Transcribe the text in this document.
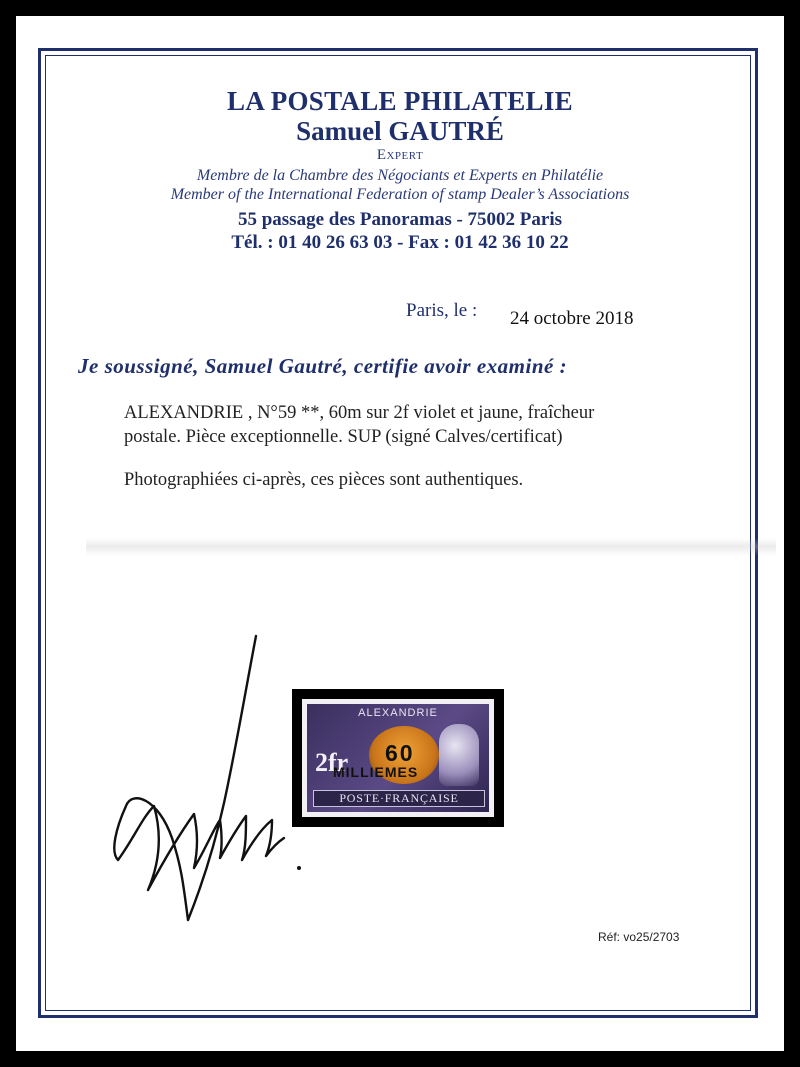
LA POSTALE PHILATELIE
Samuel GAUTRÉ
Expert
Membre de la Chambre des Négociants et Experts en Philatélie
Member of the International Federation of stamp Dealer’s Associations
55 passage des Panoramas - 75002 Paris
Tél. : 01 40 26 63 03 - Fax : 01 42 36 10 22
Paris, le : 24 octobre 2018
Je soussigné, Samuel Gautré, certifie avoir examiné :
ALEXANDRIE , N°59 **, 60m sur 2f violet et jaune, fraîcheur
postale. Pièce exceptionnelle. SUP (signé Calves/certificat)
Photographiées ci-après, ces pièces sont authentiques.
ALEXANDRIE
2fr 60
MILLIEMES
POSTE·FRANÇAISE
Réf: vo25/2703
